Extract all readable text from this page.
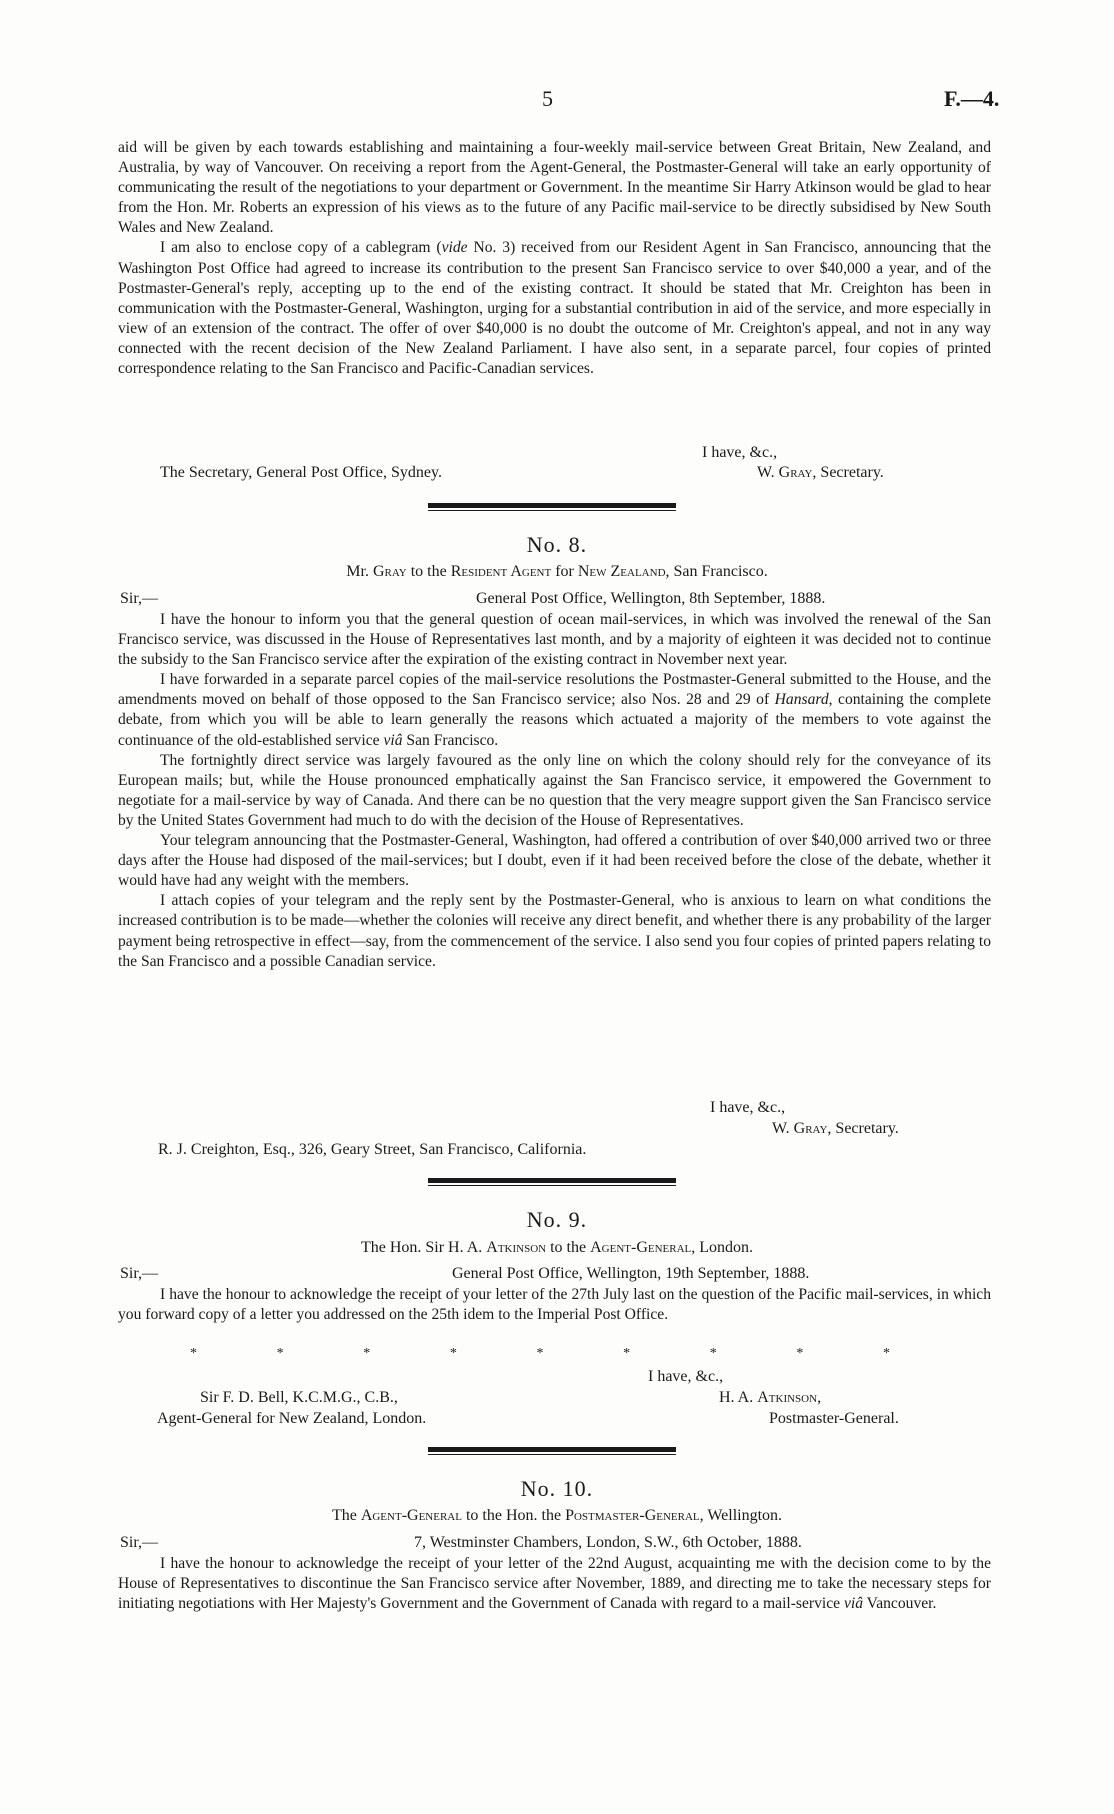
5	F.—4.

aid will be given by each towards establishing and maintaining a four-weekly mail-service between Great Britain, New Zealand, and Australia, by way of Vancouver. On receiving a report from the Agent-General, the Postmaster-General will take an early opportunity of communicating the result of the negotiations to your department or Government. In the meantime Sir Harry Atkinson would be glad to hear from the Hon. Mr. Roberts an expression of his views as to the future of any Pacific mail-service to be directly subsidised by New South Wales and New Zealand.

I am also to enclose copy of a cablegram (vide No. 3) received from our Resident Agent in San Francisco, announcing that the Washington Post Office had agreed to increase its contribution to the present San Francisco service to over $40,000 a year, and of the Postmaster-General's reply, accepting up to the end of the existing contract. It should be stated that Mr. Creighton has been in communication with the Postmaster-General, Washington, urging for a substantial contribution in aid of the service, and more especially in view of an extension of the contract. The offer of over $40,000 is no doubt the outcome of Mr. Creighton's appeal, and not in any way connected with the recent decision of the New Zealand Parliament. I have also sent, in a separate parcel, four copies of printed correspondence relating to the San Francisco and Pacific-Canadian services.

I have, &c.,
The Secretary, General Post Office, Sydney.	W. Gray, Secretary.
No. 8.
Mr. Gray to the Resident Agent for New Zealand, San Francisco.
Sir,—	General Post Office, Wellington, 8th September, 1888.

I have the honour to inform you that the general question of ocean mail-services, in which was involved the renewal of the San Francisco service, was discussed in the House of Representatives last month, and by a majority of eighteen it was decided not to continue the subsidy to the San Francisco service after the expiration of the existing contract in November next year.

I have forwarded in a separate parcel copies of the mail-service resolutions the Postmaster-General submitted to the House, and the amendments moved on behalf of those opposed to the San Francisco service; also Nos. 28 and 29 of Hansard, containing the complete debate, from which you will be able to learn generally the reasons which actuated a majority of the members to vote against the continuance of the old-established service viâ San Francisco.

The fortnightly direct service was largely favoured as the only line on which the colony should rely for the conveyance of its European mails; but, while the House pronounced emphatically against the San Francisco service, it empowered the Government to negotiate for a mail-service by way of Canada. And there can be no question that the very meagre support given the San Francisco service by the United States Government had much to do with the decision of the House of Representatives.

Your telegram announcing that the Postmaster-General, Washington, had offered a contribution of over $40,000 arrived two or three days after the House had disposed of the mail-services; but I doubt, even if it had been received before the close of the debate, whether it would have had any weight with the members.

I attach copies of your telegram and the reply sent by the Postmaster-General, who is anxious to learn on what conditions the increased contribution is to be made—whether the colonies will receive any direct benefit, and whether there is any probability of the larger payment being retrospective in effect—say, from the commencement of the service. I also send you four copies of printed papers relating to the San Francisco and a possible Canadian service.

I have, &c.,
W. Gray, Secretary.
R. J. Creighton, Esq., 326, Geary Street, San Francisco, California.
No. 9.
The Hon. Sir H. A. Atkinson to the Agent-General, London.
Sir,—	General Post Office, Wellington, 19th September, 1888.

I have the honour to acknowledge the receipt of your letter of the 27th July last on the question of the Pacific mail-services, in which you forward copy of a letter you addressed on the 25th idem to the Imperial Post Office.

*	*	*	*	*	*	*	*	*
I have, &c.,
Sir F. D. Bell, K.C.M.G., C.B.,	H. A. Atkinson,
Agent-General for New Zealand, London.	Postmaster-General.
No. 10.
The Agent-General to the Hon. the Postmaster-General, Wellington.
Sir,—	7, Westminster Chambers, London, S.W., 6th October, 1888.

I have the honour to acknowledge the receipt of your letter of the 22nd August, acquainting me with the decision come to by the House of Representatives to discontinue the San Francisco service after November, 1889, and directing me to take the necessary steps for initiating negotiations with Her Majesty's Government and the Government of Canada with regard to a mail-service viâ Vancouver.
